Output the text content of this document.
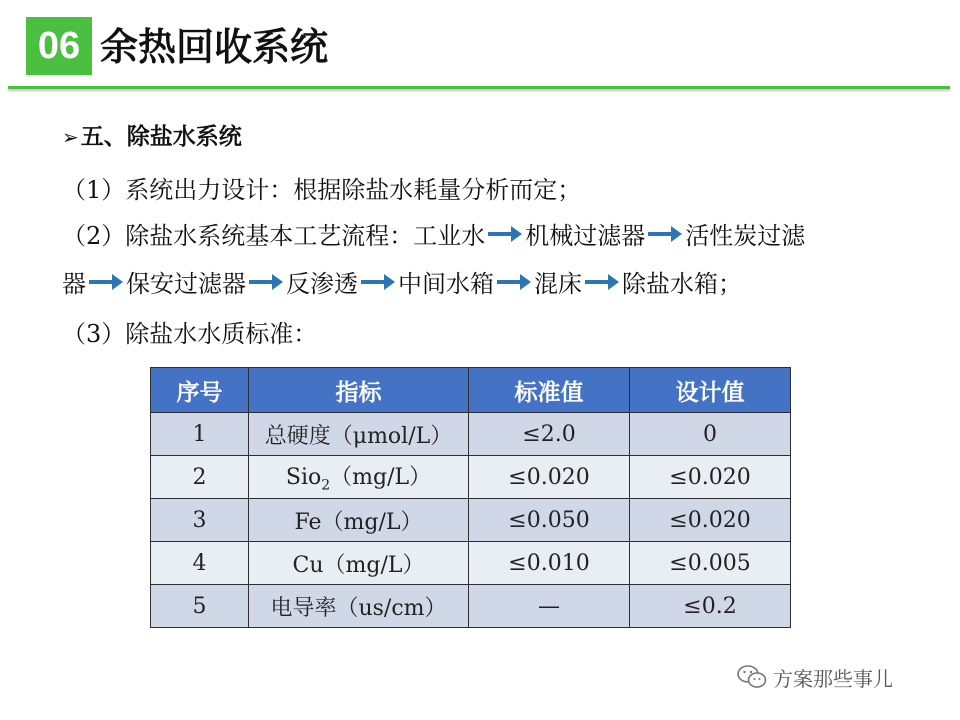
06 余热回收系统
➢五、除盐水系统
（1）系统出力设计：根据除盐水耗量分析而定；
（2） 除盐水系统基本工艺流程： 工业水 机械过滤器 活性炭过滤
器 保安过滤器 反渗透 中间水箱 混床 除盐水箱 ；
（3）除盐水水质标准：
序号	指标	标准值	设计值
1	总硬度（μmol/L）	≤2.0	0
2	Sio$_2$（mg/L）	≤0.020	≤0.020
3	Fe（mg/L）	≤0.050	≤0.020
4	Cu（mg/L）	≤0.010	≤0.005
5	电导率（us/cm）	—	≤0.2
方案那些事儿
